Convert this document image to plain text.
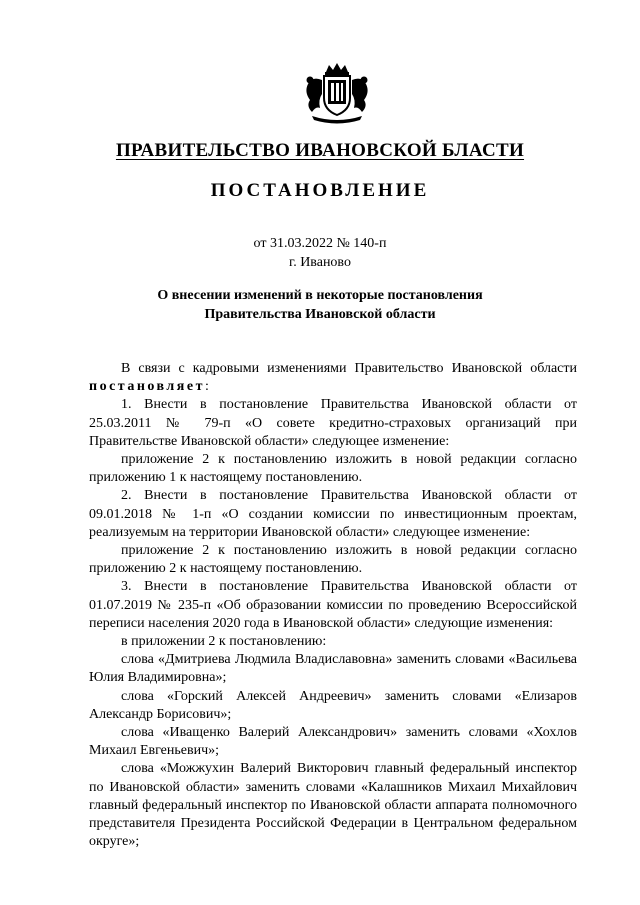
ПРАВИТЕЛЬСТВО ИВАНОВСКОЙ БЛАСТИ
ПОСТАНОВЛЕНИЕ
от 31.03.2022 № 140-п
г. Иваново
О внесении изменений в некоторые постановления
Правительства Ивановской области

В связи с кадровыми изменениями Правительство Ивановской области постановляет:

1. Внести в постановление Правительства Ивановской области от 25.03.2011 № 79-п «О совете кредитно-страховых организаций при Правительстве Ивановской области» следующее изменение:

приложение 2 к постановлению изложить в новой редакции согласно приложению 1 к настоящему постановлению.

2. Внести в постановление Правительства Ивановской области от 09.01.2018 № 1-п «О создании комиссии по инвестиционным проектам, реализуемым на территории Ивановской области» следующее изменение:

приложение 2 к постановлению изложить в новой редакции согласно приложению 2 к настоящему постановлению.

3. Внести в постановление Правительства Ивановской области от 01.07.2019 № 235-п «Об образовании комиссии по проведению Всероссийской переписи населения 2020 года в Ивановской области» следующие изменения:

в приложении 2 к постановлению:

слова «Дмитриева Людмила Владиславовна» заменить словами «Васильева Юлия Владимировна»;

слова «Горский Алексей Андреевич» заменить словами «Елизаров Александр Борисович»;

слова «Иващенко Валерий Александрович» заменить словами «Хохлов Михаил Евгеньевич»;

слова «Можжухин Валерий Викторович главный федеральный инспектор по Ивановской области» заменить словами «Калашников Михаил Михайлович главный федеральный инспектор по Ивановской области аппарата полномочного представителя Президента Российской Федерации в Центральном федеральном округе»;
